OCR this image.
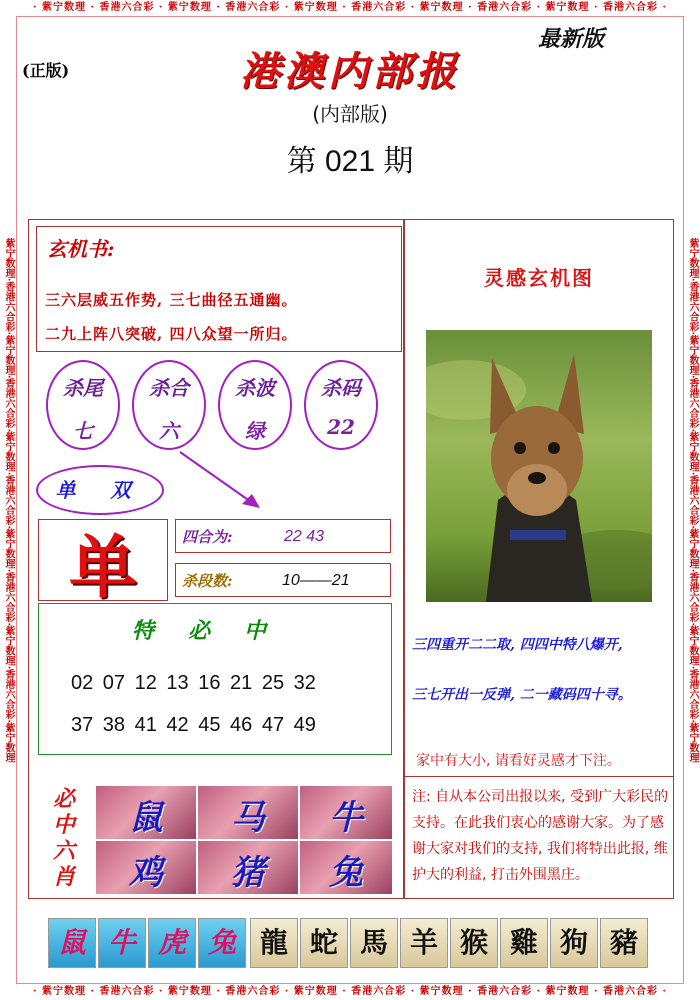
· 紫宁数理 · 香港六合彩 · 紫宁数理 · 香港六合彩 · 紫宁数理 · 香港六合彩 · 紫宁数理 · 香港六合彩 · 紫宁数理 · 香港六合彩 ·
· 紫宁数理 · 香港六合彩 · 紫宁数理 · 香港六合彩 · 紫宁数理 · 香港六合彩 · 紫宁数理 · 香港六合彩 · 紫宁数理 · 香港六合彩 ·
紫宁数理·香港六合彩·紫宁数理·香港六合彩·紫宁数理·香港六合彩·紫宁数理·香港六合彩·紫宁数理·香港六合彩·紫宁数理	紫宁数理·香港六合彩·紫宁数理·香港六合彩·紫宁数理·香港六合彩·紫宁数理·香港六合彩·紫宁数理·香港六合彩·紫宁数理
(正版)
最新版
港澳内部报
(内部版)
第 021 期
玄机书:
三六层威五作势, 三七曲径五通幽。
二九上阵八突破, 四八众望一所归。
杀尾
七
杀合
六
杀波
绿
杀码
22
单 双
单	四合为:	22 43
杀段数:	10——21
特必中
02 07 12 13 16 21 25 32
37 38 41 42 45 46 47 49
必中六肖
鼠	马	牛
鸡	猪	兔
灵感玄机图
三四重开二二取, 四四中特八爆开,
三七开出一反弹, 二一藏码四十寻。
家中有大小, 请看好灵感才下注。
注: 自从本公司出报以来, 受到广大彩民的支持。在此我们衷心的感谢大家。为了感谢大家对我们的支持, 我们将特出此报, 维护大的利益, 打击外围黑庄。
鼠 牛 虎 兔 龍 蛇 馬 羊 猴 雞 狗 豬
